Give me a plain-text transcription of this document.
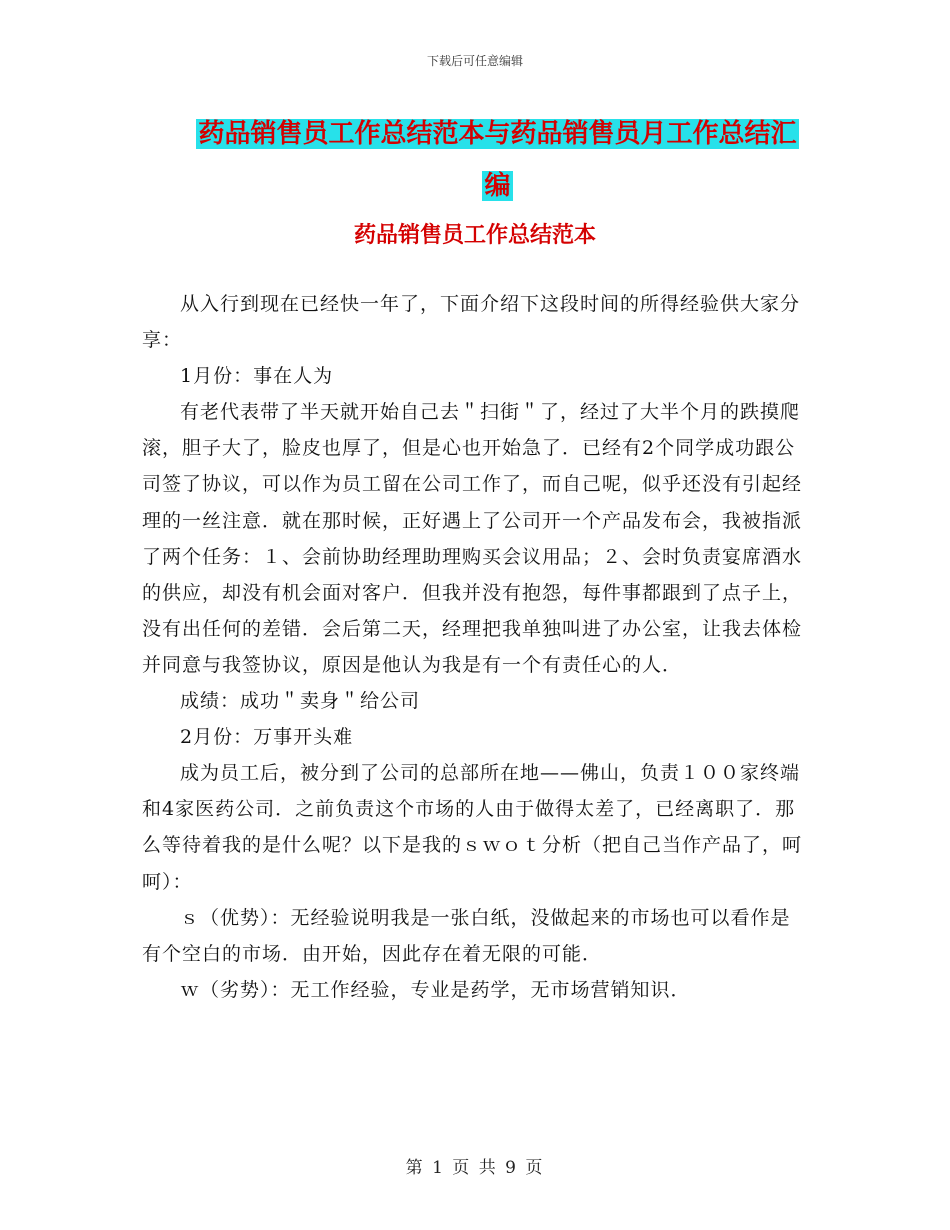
下载后可任意编辑
药品销售员工作总结范本与药品销售员月工作总结汇
编
药品销售员工作总结范本

从入行到现在已经快一年了，下面介绍下这段时间的所得经验供大家分享：

1月份：事在人为

有老代表带了半天就开始自己去＂扫街＂了，经过了大半个月的跌摸爬滚，胆子大了，脸皮也厚了，但是心也开始急了．已经有2个同学成功跟公司签了协议，可以作为员工留在公司工作了，而自己呢，似乎还没有引起经理的一丝注意．就在那时候，正好遇上了公司开一个产品发布会，我被指派了两个任务：１、会前协助经理助理购买会议用品；２、会时负责宴席酒水的供应，却没有机会面对客户．但我并没有抱怨，每件事都跟到了点子上，没有出任何的差错．会后第二天，经理把我单独叫进了办公室，让我去体检并同意与我签协议，原因是他认为我是有一个有责任心的人．

成绩：成功＂卖身＂给公司

2月份：万事开头难

成为员工后，被分到了公司的总部所在地——佛山，负责１００家终端和4家医药公司．之前负责这个市场的人由于做得太差了，已经离职了．那么等待着我的是什么呢？以下是我的ｓｗｏｔ分析（把自己当作产品了，呵呵）：

ｓ（优势）：无经验说明我是一张白纸，没做起来的市场也可以看作是有个空白的市场．由开始，因此存在着无限的可能．

ｗ（劣势）：无工作经验，专业是药学，无市场营销知识．

第 1 页 共 9 页
